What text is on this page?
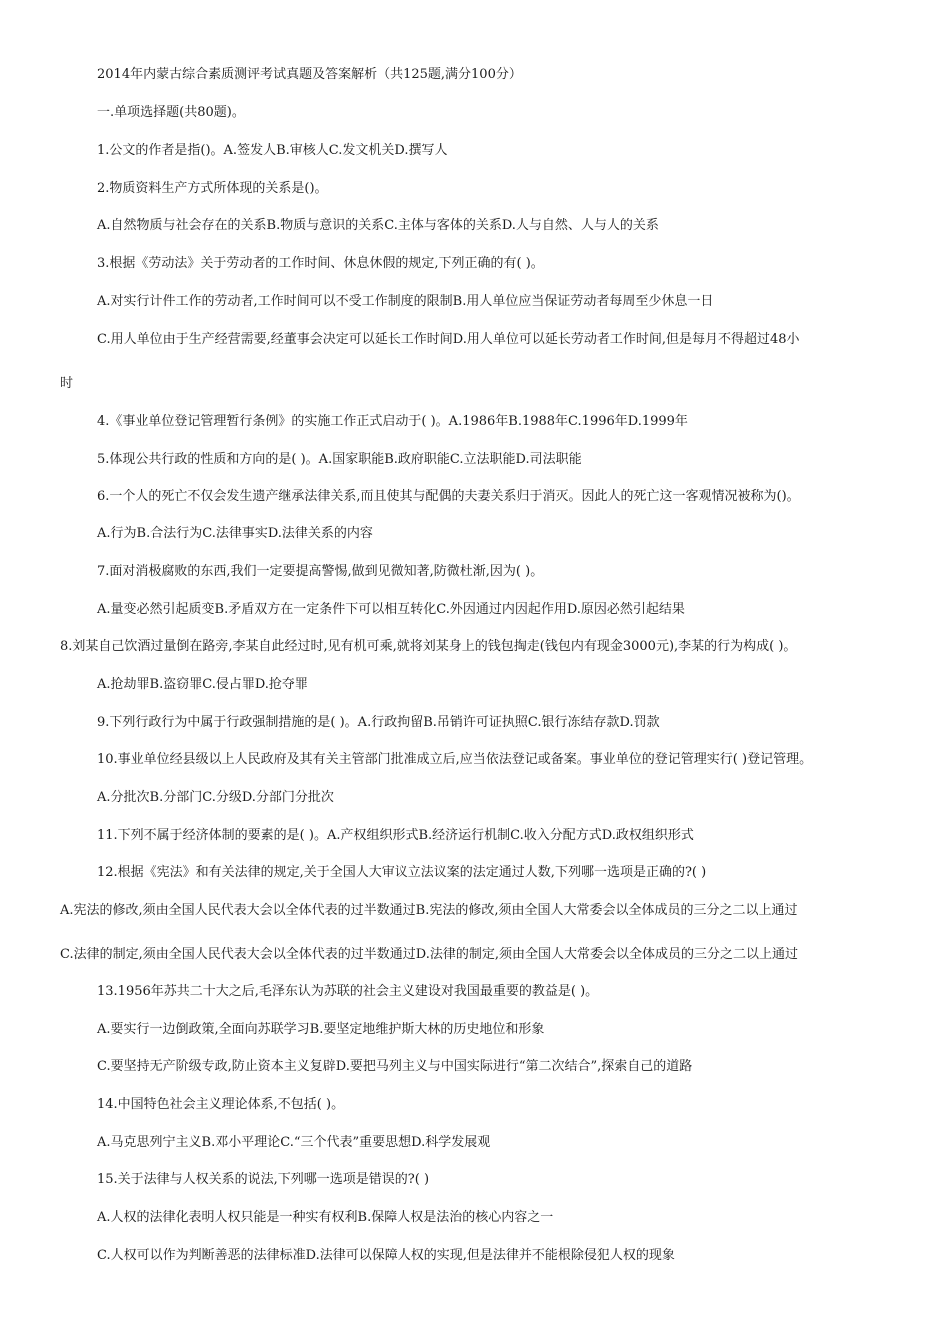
2014年内蒙古综合素质测评考试真题及答案解析（共125题,满分100分）
一.单项选择题(共80题)。
1.公文的作者是指()。A.签发人B.审核人C.发文机关D.撰写人
2.物质资料生产方式所体现的关系是()。
A.自然物质与社会存在的关系B.物质与意识的关系C.主体与客体的关系D.人与自然、人与人的关系
3.根据《劳动法》关于劳动者的工作时间、休息休假的规定,下列正确的有( )。
A.对实行计件工作的劳动者,工作时间可以不受工作制度的限制B.用人单位应当保证劳动者每周至少休息一日
C.用人单位由于生产经营需要,经董事会决定可以延长工作时间D.用人单位可以延长劳动者工作时间,但是每月不得超过48小
时
4.《事业单位登记管理暂行条例》的实施工作正式启动于( )。A.1986年B.1988年C.1996年D.1999年
5.体现公共行政的性质和方向的是( )。A.国家职能B.政府职能C.立法职能D.司法职能
6.一个人的死亡不仅会发生遗产继承法律关系,而且使其与配偶的夫妻关系归于消灭。因此人的死亡这一客观情况被称为()。
A.行为B.合法行为C.法律事实D.法律关系的内容
7.面对消极腐败的东西,我们一定要提高警惕,做到见微知著,防微杜渐,因为( )。
A.量变必然引起质变B.矛盾双方在一定条件下可以相互转化C.外因通过内因起作用D.原因必然引起结果
8.刘某自己饮酒过量倒在路旁,李某自此经过时,见有机可乘,就将刘某身上的钱包掏走(钱包内有现金3000元),李某的行为构成( )。
A.抢劫罪B.盗窃罪C.侵占罪D.抢夺罪
9.下列行政行为中属于行政强制措施的是( )。A.行政拘留B.吊销许可证执照C.银行冻结存款D.罚款
10.事业单位经县级以上人民政府及其有关主管部门批准成立后,应当依法登记或备案。事业单位的登记管理实行( )登记管理。
A.分批次B.分部门C.分级D.分部门分批次
11.下列不属于经济体制的要素的是( )。A.产权组织形式B.经济运行机制C.收入分配方式D.政权组织形式
12.根据《宪法》和有关法律的规定,关于全国人大审议立法议案的法定通过人数,下列哪一选项是正确的?( )
A.宪法的修改,须由全国人民代表大会以全体代表的过半数通过B.宪法的修改,须由全国人大常委会以全体成员的三分之二以上通过
C.法律的制定,须由全国人民代表大会以全体代表的过半数通过D.法律的制定,须由全国人大常委会以全体成员的三分之二以上通过
13.1956年苏共二十大之后,毛泽东认为苏联的社会主义建设对我国最重要的教益是( )。
A.要实行一边倒政策,全面向苏联学习B.要坚定地维护斯大林的历史地位和形象
C.要坚持无产阶级专政,防止资本主义复辟D.要把马列主义与中国实际进行“第二次结合”,探索自己的道路
14.中国特色社会主义理论体系,不包括( )。
A.马克思列宁主义B.邓小平理论C.“三个代表”重要思想D.科学发展观
15.关于法律与人权关系的说法,下列哪一选项是错误的?( )
A.人权的法律化表明人权只能是一种实有权利B.保障人权是法治的核心内容之一
C.人权可以作为判断善恶的法律标准D.法律可以保障人权的实现,但是法律并不能根除侵犯人权的现象
